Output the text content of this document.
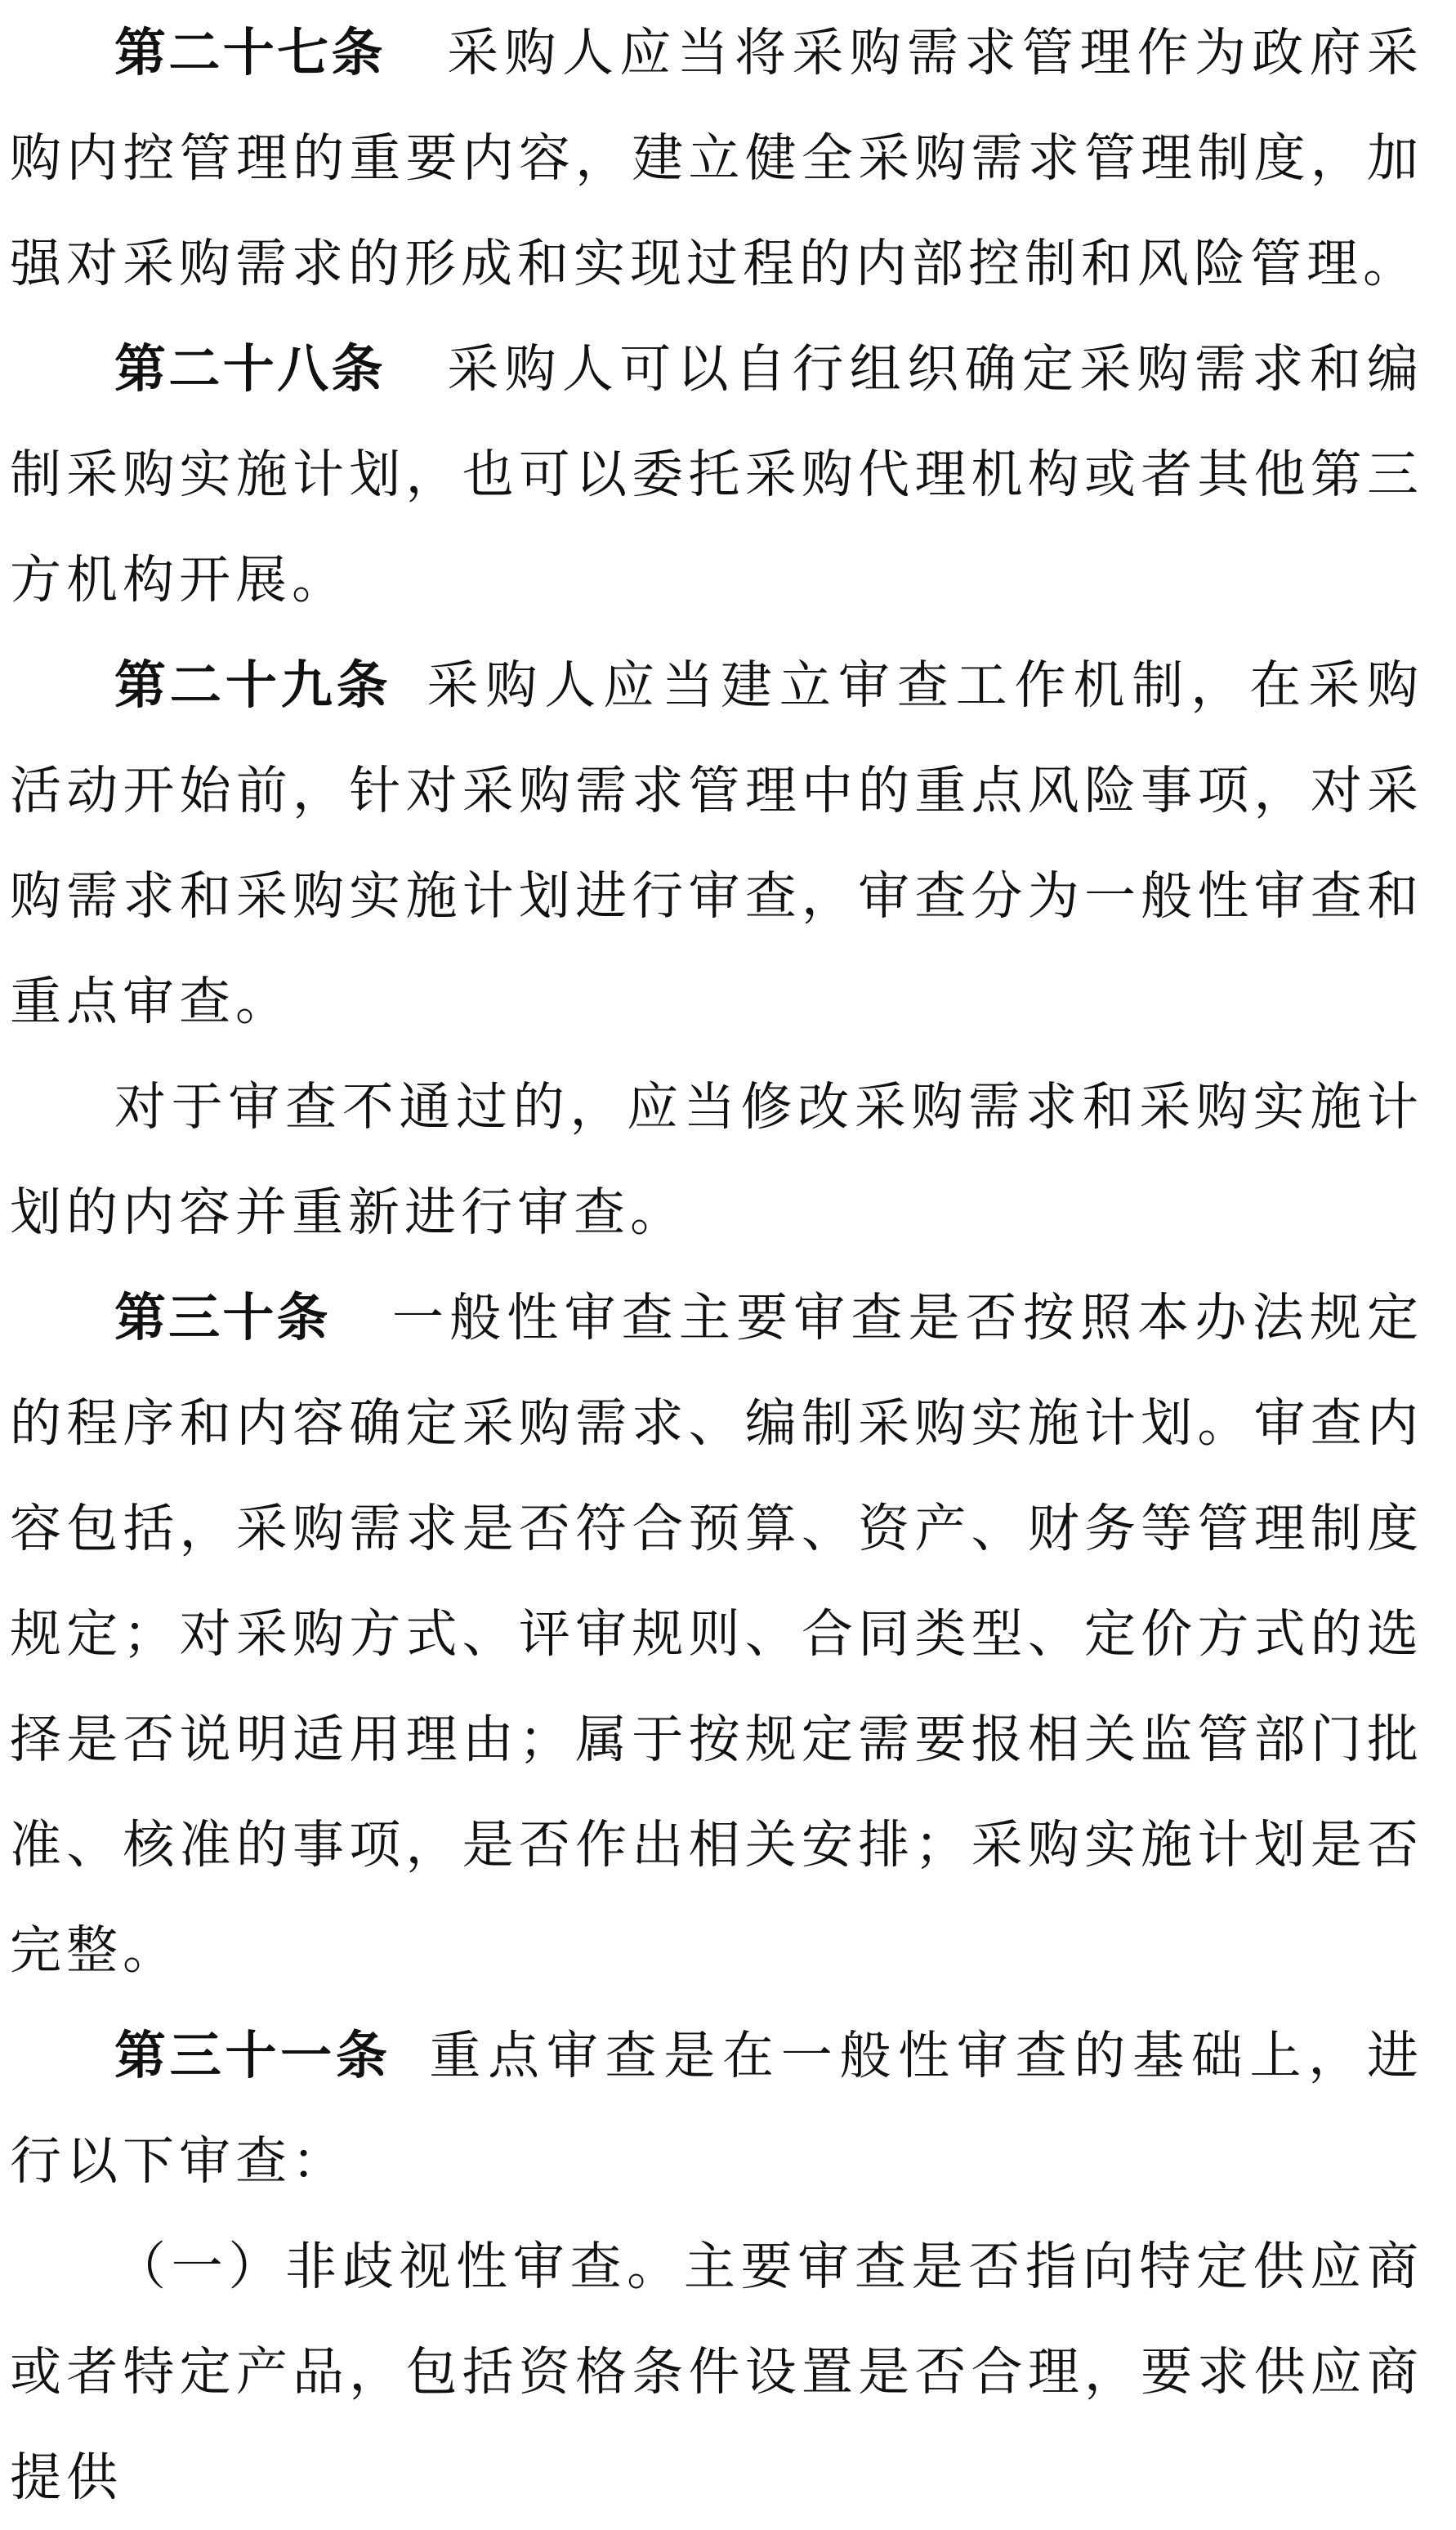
第二十七条 采购人应当将采购需求管理作为政府采购内控管理的重要内容，建立健全采购需求管理制度，加强对采购需求的形成和实现过程的内部控制和风险管理。

第二十八条 采购人可以自行组织确定采购需求和编制采购实施计划，也可以委托采购代理机构或者其他第三方机构开展。

第二十九条 采购人应当建立审查工作机制，在采购活动开始前，针对采购需求管理中的重点风险事项，对采购需求和采购实施计划进行审查，审查分为一般性审查和重点审查。

对于审查不通过的，应当修改采购需求和采购实施计划的内容并重新进行审查。

第三十条 一般性审查主要审查是否按照本办法规定的程序和内容确定采购需求、编制采购实施计划。审查内容包括，采购需求是否符合预算、资产、财务等管理制度规定；对采购方式、评审规则、合同类型、定价方式的选择是否说明适用理由；属于按规定需要报相关监管部门批准、核准的事项，是否作出相关安排；采购实施计划是否完整。

第三十一条 重点审查是在一般性审查的基础上，进行以下审查：

（一）非歧视性审查。主要审查是否指向特定供应商或者特定产品，包括资格条件设置是否合理，要求供应商提供
